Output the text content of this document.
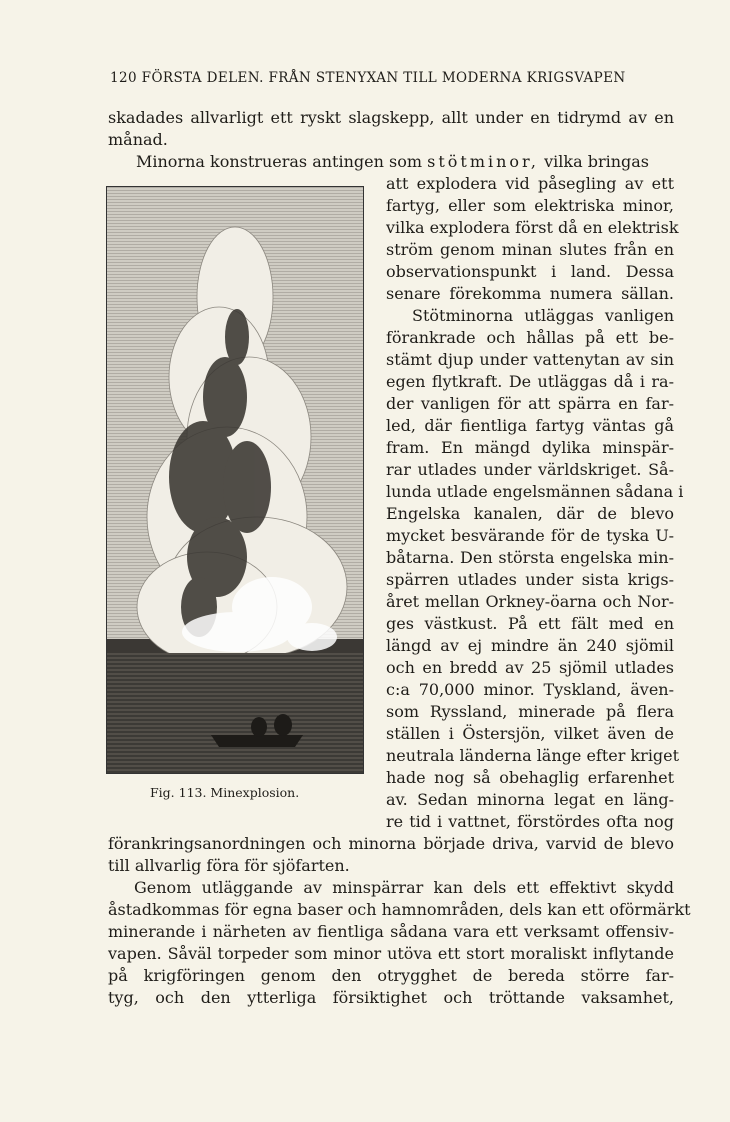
120 FÖRSTA DELEN. FRÅN STENYXAN TILL MODERNA KRIGSVAPEN
skadades allvarligt ett ryskt slagskepp, allt under en tidrymd av en
månad.
Minorna konstrueras antingen som stötminor, vilka bringas
att explodera vid påsegling av ett
fartyg, eller som elektriska minor,
vilka explodera först då en elektrisk
ström genom minan slutes från en
observationspunkt i land. Dessa
senare förekomma numera sällan.
Stötminorna utläggas vanligen
förankrade och hållas på ett be-
stämt djup under vattenytan av sin
egen flytkraft. De utläggas då i ra-
der vanligen för att spärra en far-
led, där fientliga fartyg väntas gå
fram. En mängd dylika minspär-
rar utlades under världskriget. Så-
lunda utlade engelsmännen sådana i
Engelska kanalen, där de blevo
mycket besvärande för de tyska U-
båtarna. Den största engelska min-
spärren utlades under sista krigs-
året mellan Orkney-öarna och Nor-
ges västkust. På ett fält med en
längd av ej mindre än 240 sjömil
och en bredd av 25 sjömil utlades
c:a 70,000 minor. Tyskland, även-
som Ryssland, minerade på flera
ställen i Östersjön, vilket även de
neutrala länderna länge efter kriget
hade nog så obehaglig erfarenhet
av. Sedan minorna legat en läng-
re tid i vattnet, förstördes ofta nog
förankringsanordningen och minorna började driva, varvid de blevo
till allvarlig föra för sjöfarten.
Genom utläggande av minspärrar kan dels ett effektivt skydd
åstadkommas för egna baser och hamnområden, dels kan ett oförmärkt
minerande i närheten av fientliga sådana vara ett verksamt offensiv-
vapen. Såväl torpeder som minor utöva ett stort moraliskt inflytande
på krigföringen genom den otrygghet de bereda större far-
tyg, och den ytterliga försiktighet och tröttande vaksamhet,
Fig. 113. Minexplosion.
